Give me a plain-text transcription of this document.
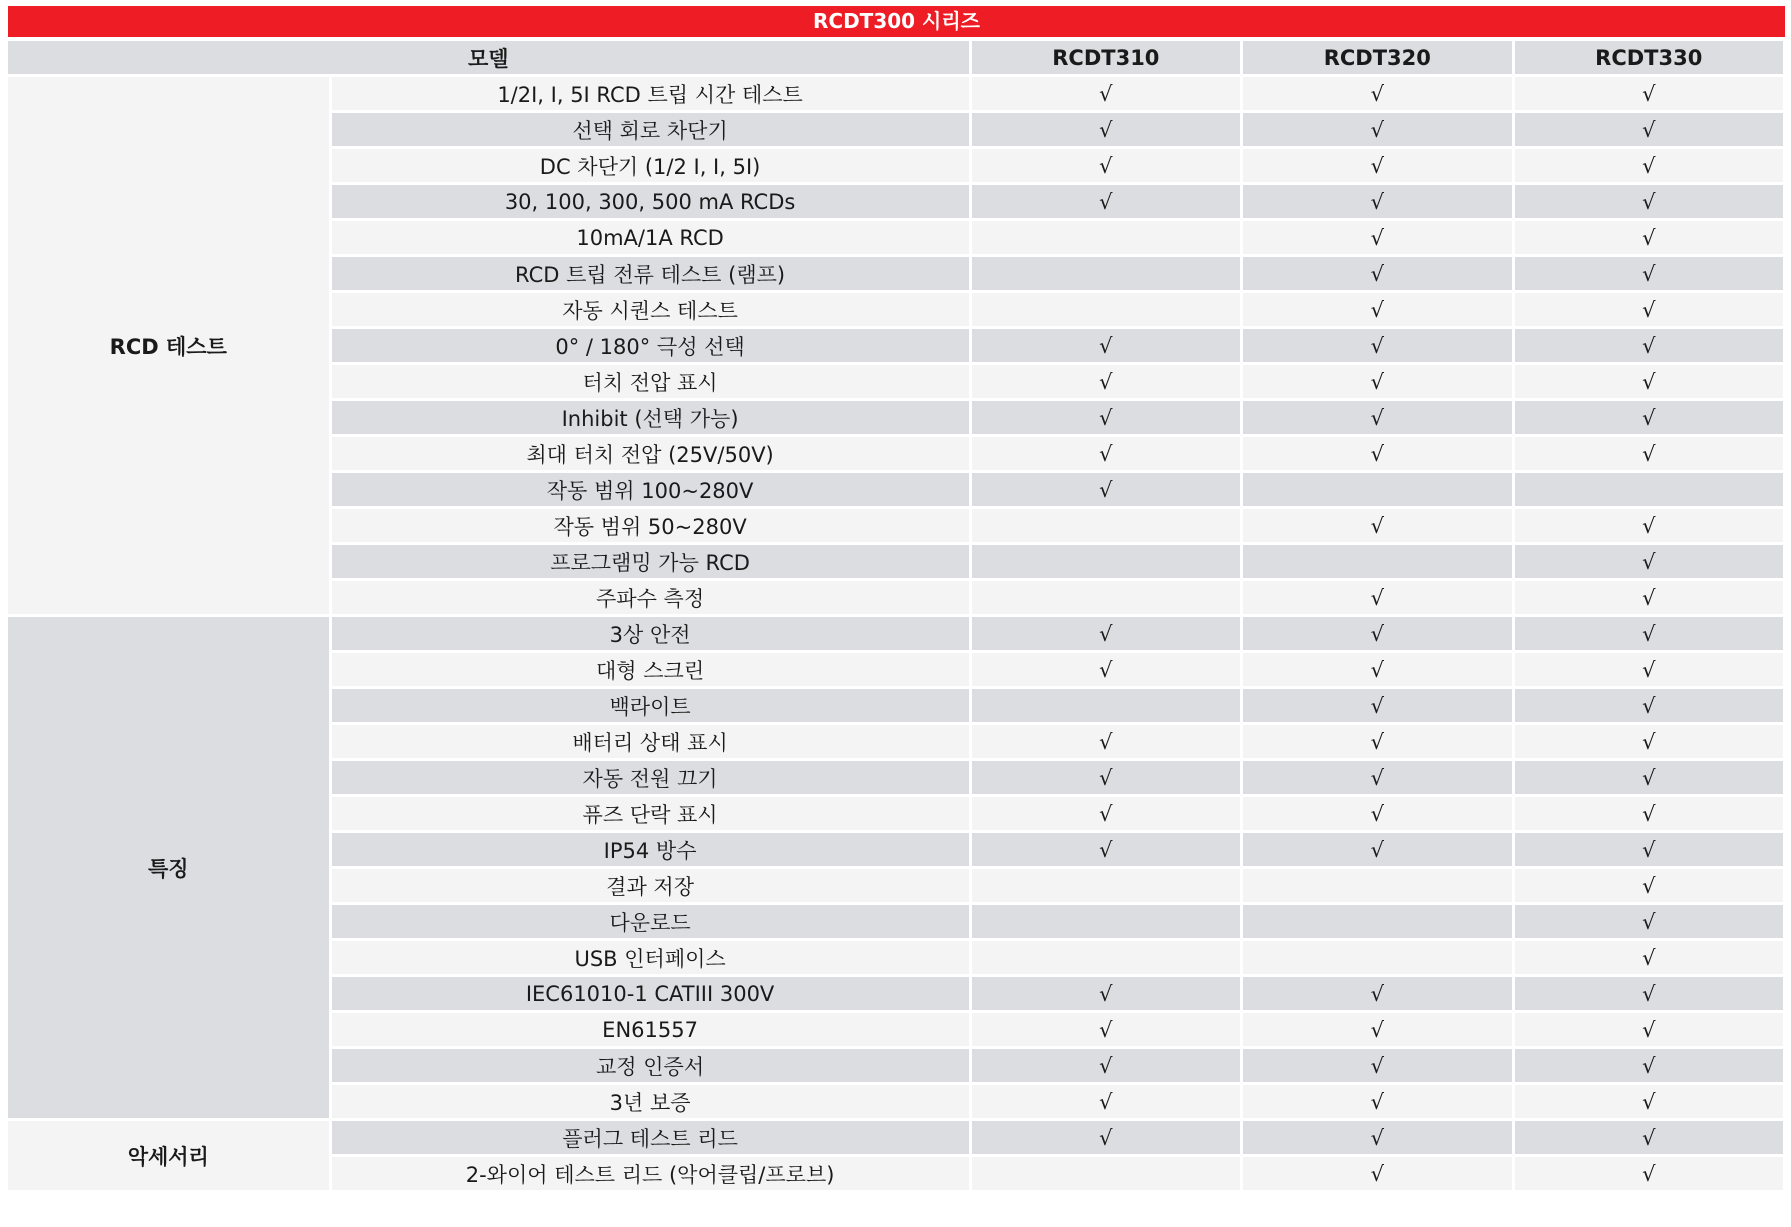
RCDT300 시리즈
모델		RCDT310	RCDT320	RCDT330
RCD 테스트	1/2I, I, 5I RCD 트립 시간 테스트	√	√	√
	선택 회로 차단기	√	√	√
	DC 차단기 (1/2 I, I, 5I)	√	√	√
	30, 100, 300, 500 mA RCDs	√	√	√
	10mA/1A RCD		√	√
	RCD 트립 전류 테스트 (램프)		√	√
	자동 시퀀스 테스트		√	√
	0° / 180° 극성 선택	√	√	√
	터치 전압 표시	√	√	√
	Inhibit (선택 가능)	√	√	√
	최대 터치 전압 (25V/50V)	√	√	√
	작동 범위 100~280V	√		
	작동 범위 50~280V		√	√
	프로그램밍 가능 RCD			√
	주파수 측정		√	√
특징	3상 안전	√	√	√
	대형 스크린	√	√	√
	백라이트		√	√
	배터리 상태 표시	√	√	√
	자동 전원 끄기	√	√	√
	퓨즈 단락 표시	√	√	√
	IP54 방수	√	√	√
	결과 저장			√
	다운로드			√
	USB 인터페이스			√
	IEC61010-1 CATIII 300V	√	√	√
	EN61557	√	√	√
	교정 인증서	√	√	√
	3년 보증	√	√	√
악세서리	플러그 테스트 리드	√	√	√
	2-와이어 테스트 리드 (악어클립/프로브)		√	√
